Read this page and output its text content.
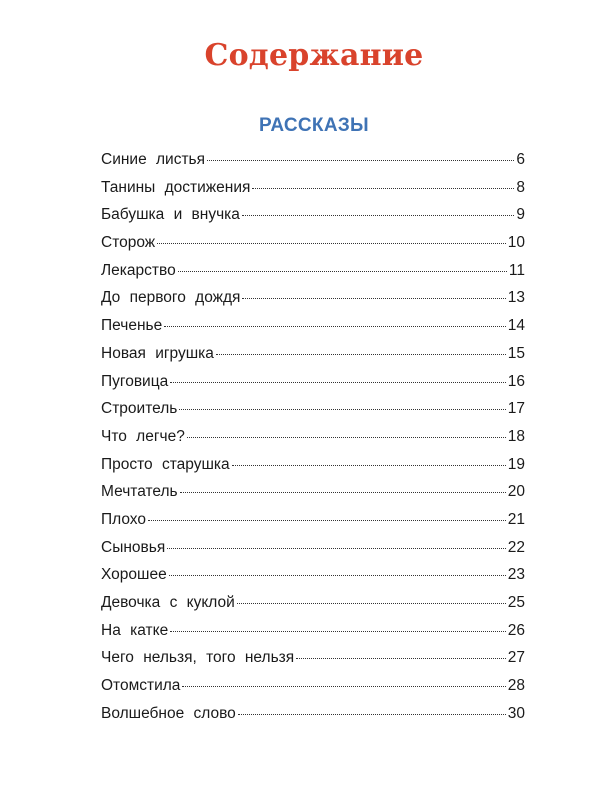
Содержание
РАССКАЗЫ
Синие листья	6
Танины достижения	8
Бабушка и внучка	9
Сторож	10
Лекарство	11
До первого дождя	13
Печенье	14
Новая игрушка	15
Пуговица	16
Строитель	17
Что легче?	18
Просто старушка	19
Мечтатель	20
Плохо	21
Сыновья	22
Хорошее	23
Девочка с куклой	25
На катке	26
Чего нельзя, того нельзя	27
Отомстила	28
Волшебное слово	30
